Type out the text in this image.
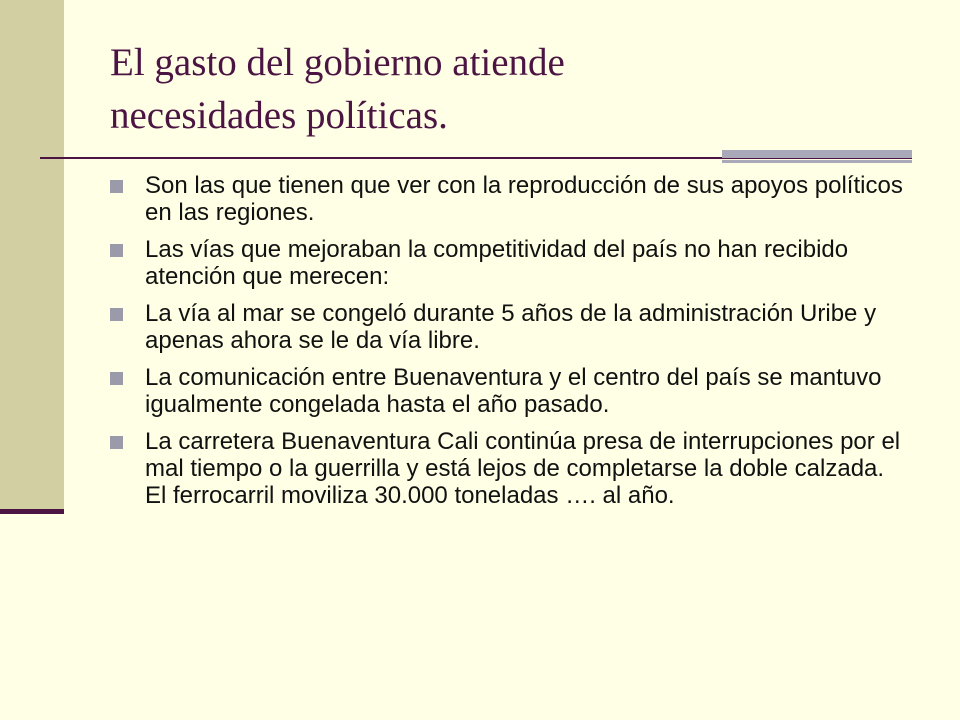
El gasto del gobierno atiende necesidades políticas.
Son las que tienen que ver con la reproducción de sus apoyos políticos en las regiones.
Las vías que mejoraban la competitividad del país no han recibido atención que merecen:
La vía al mar se congeló durante 5 años de la administración Uribe y apenas ahora se le da vía libre.
La comunicación entre Buenaventura y el centro del país se mantuvo igualmente congelada hasta el año pasado.
La carretera Buenaventura Cali continúa presa de interrupciones por el mal tiempo o la guerrilla y está lejos de completarse la doble calzada. El ferrocarril moviliza 30.000 toneladas …. al año.
